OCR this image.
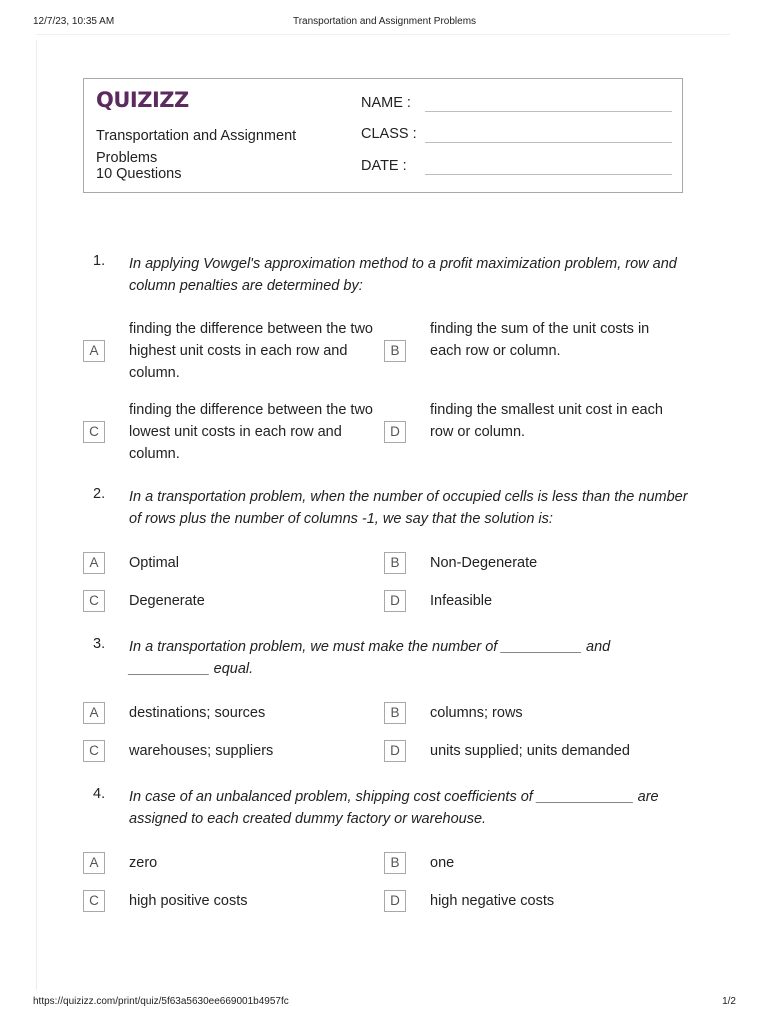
12/7/23, 10:35 AM	Transportation and Assignment Problems
QUIZIZZ
Transportation and Assignment Problems
10 Questions
NAME :
CLASS :
DATE :
1. In applying Vowgel's approximation method to a profit maximization problem, row and column penalties are determined by:
A
finding the difference between the two highest unit costs in each row and column.
B
finding the sum of the unit costs in each row or column.
C
finding the difference between the two lowest unit costs in each row and column.
D
finding the smallest unit cost in each row or column.
2. In a transportation problem, when the number of occupied cells is less than the number of rows plus the number of columns -1, we say that the solution is:
A	Optimal	B	Non-Degenerate
C	Degenerate	D	Infeasible
3. In a transportation problem, we must make the number of __________ and __________ equal.
A	destinations; sources	B	columns; rows
C	warehouses; suppliers	D	units supplied; units demanded
4. In case of an unbalanced problem, shipping cost coefficients of ____________ are assigned to each created dummy factory or warehouse.
A	zero	B	one
C	high positive costs	D	high negative costs
https://quizizz.com/print/quiz/5f63a5630ee669001b4957fc	1/2
